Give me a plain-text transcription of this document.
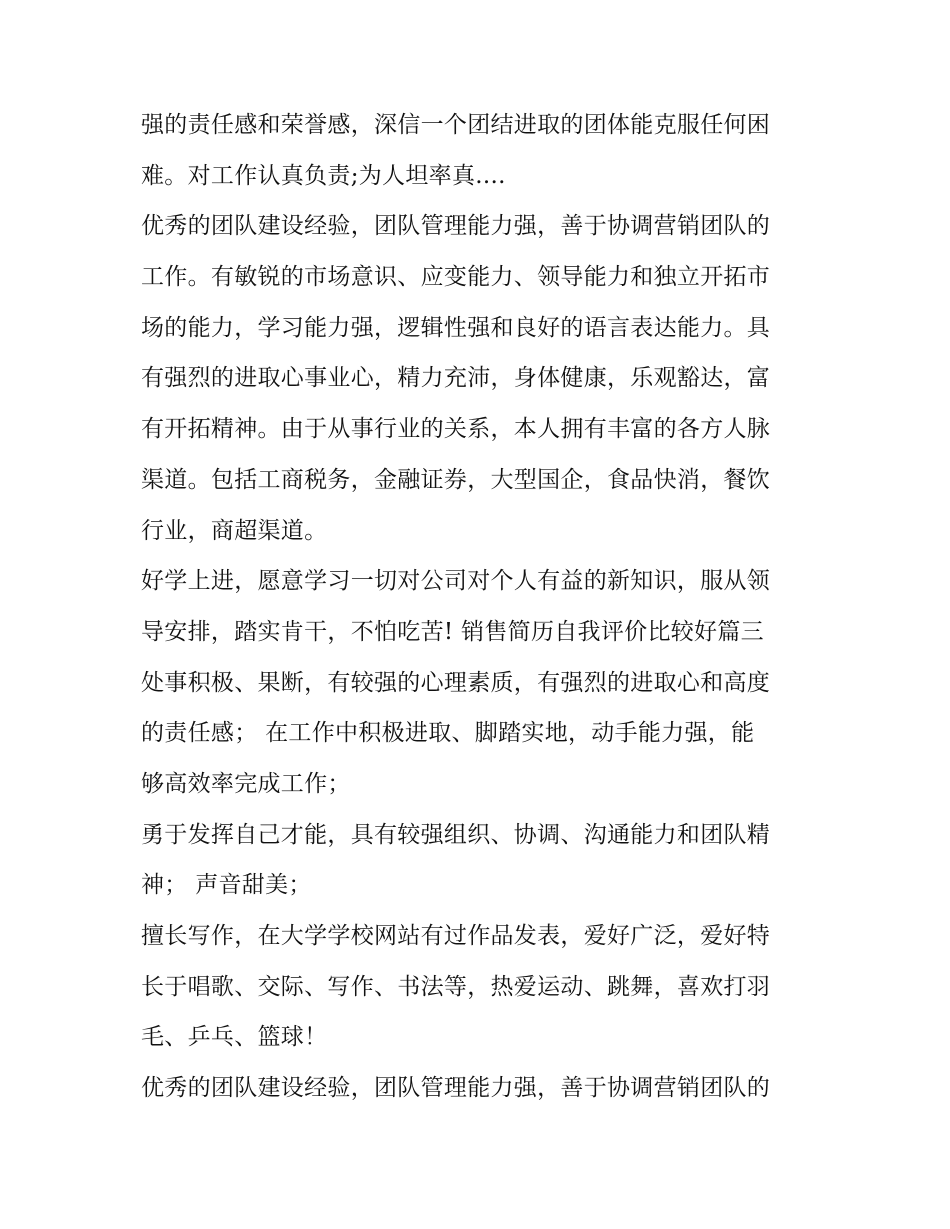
强的责任感和荣誉感，深信一个团结进取的团体能克服任何困
难。对工作认真负责;为人坦率真....
优秀的团队建设经验，团队管理能力强，善于协调营销团队的
工作。有敏锐的市场意识、应变能力、领导能力和独立开拓市
场的能力，学习能力强，逻辑性强和良好的语言表达能力。具
有强烈的进取心事业心，精力充沛，身体健康，乐观豁达，富
有开拓精神。由于从事行业的关系，本人拥有丰富的各方人脉
渠道。包括工商税务，金融证券，大型国企，食品快消，餐饮
行业，商超渠道。
好学上进，愿意学习一切对公司对个人有益的新知识，服从领
导安排，踏实肯干，不怕吃苦! 销售简历自我评价比较好篇三
处事积极、果断，有较强的心理素质，有强烈的进取心和高度
的责任感； 在工作中积极进取、脚踏实地，动手能力强，能
够高效率完成工作；
勇于发挥自己才能，具有较强组织、协调、沟通能力和团队精
神； 声音甜美；
擅长写作，在大学学校网站有过作品发表，爱好广泛，爱好特
长于唱歌、交际、写作、书法等，热爱运动、跳舞，喜欢打羽
毛、乒乓、篮球！
优秀的团队建设经验，团队管理能力强，善于协调营销团队的
